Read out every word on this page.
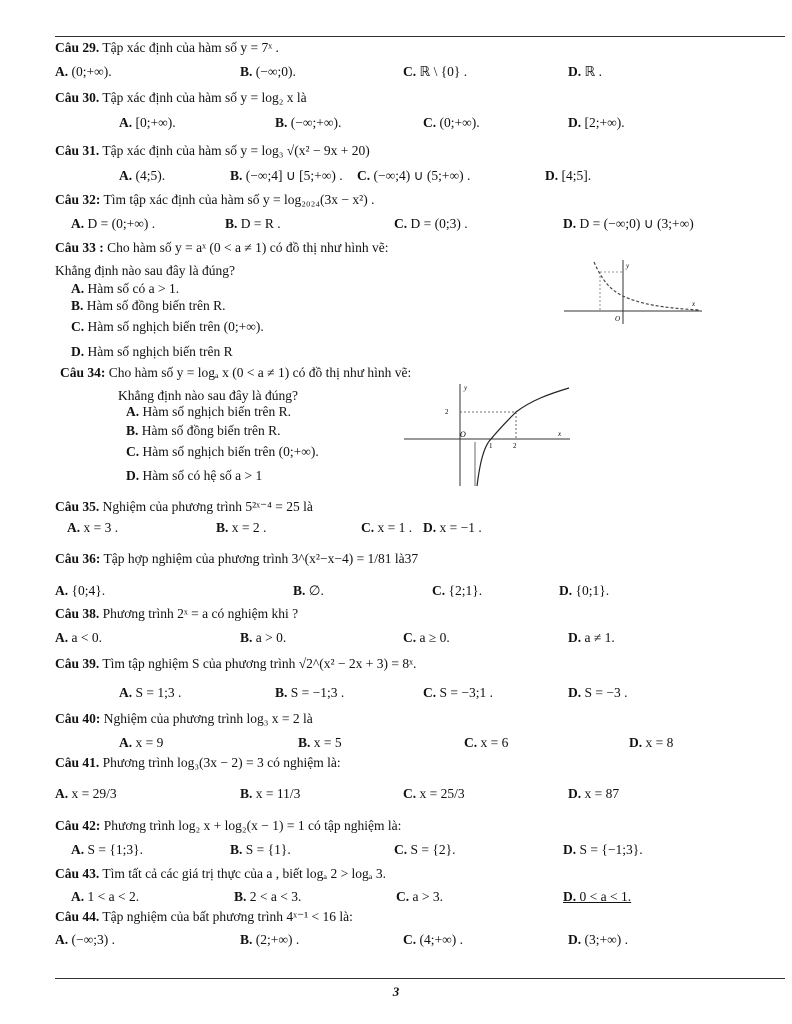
Câu 29. Tập xác định của hàm số y = 7ˣ .
A. (0;+∞).	B. (−∞;0).	C. ℝ \ {0} .	D. ℝ .
Câu 30. Tập xác định của hàm số y = log₂ x là
A. [0;+∞).	B. (−∞;+∞).	C. (0;+∞).	D. [2;+∞).
Câu 31. Tập xác định của hàm số y = log₃ √(x² − 9x + 20)
A. (4;5).	B. (−∞;4] ∪ [5;+∞) . C. (−∞;4) ∪ (5;+∞) .	D. [4;5].
Câu 32: Tìm tập xác định của hàm số y = log₂₀₂₄(3x − x²) .
A. D = (0;+∞) .	B. D = R .	C. D = (0;3) .	D. D = (−∞;0) ∪ (3;+∞)
Câu 33 : Cho hàm số y = aˣ (0 < a ≠ 1) có đồ thị như hình vẽ:
Khẳng định nào sau đây là đúng?
A. Hàm số có a > 1.
B. Hàm số đồng biến trên R.
C. Hàm số nghịch biến trên (0;+∞).
D. Hàm số nghịch biến trên R
y
x
O
Câu 34: Cho hàm số y = logₐ x (0 < a ≠ 1) có đồ thị như hình vẽ:
Khẳng định nào sau đây là đúng?
A. Hàm số nghịch biến trên R.
B. Hàm số đồng biến trên R.
C. Hàm số nghịch biến trên (0;+∞).
D. Hàm số có hệ số a > 1
y
x
O
2
1	2
Câu 35. Nghiệm của phương trình 5²ˣ⁻⁴ = 25 là
A. x = 3 .	B. x = 2 .	C. x = 1 . D. x = −1 .
Câu 36: Tập hợp nghiệm của phương trình 3^(x²−x−4) = 1/81 là37
A. {0;4}.	B. ∅.	C. {2;1}.	D. {0;1}.
Câu 38. Phương trình 2ˣ = a có nghiệm khi ?
A. a < 0.	B. a > 0.	C. a ≥ 0.	D. a ≠ 1.
Câu 39. Tìm tập nghiệm S của phương trình √2^(x² − 2x + 3) = 8ˣ.
A. S = 1;3 .	B. S = −1;3 .	C. S = −3;1 .	D. S = −3 .
Câu 40: Nghiệm của phương trình log₃ x = 2 là
A. x = 9	B. x = 5	C. x = 6	D. x = 8
Câu 41. Phương trình log₃(3x − 2) = 3 có nghiệm là:
A. x = 29/3	B. x = 11/3	C. x = 25/3	D. x = 87
Câu 42: Phương trình log₂ x + log₂(x − 1) = 1 có tập nghiệm là:
A. S = {1;3}.	B. S = {1}.	C. S = {2}.	D. S = {−1;3}.
Câu 43. Tìm tất cả các giá trị thực của a , biết logₐ 2 > logₐ 3.
A. 1 < a < 2.	B. 2 < a < 3.	C. a > 3.	D. 0 < a < 1.
Câu 44. Tập nghiệm của bất phương trình 4ˣ⁻¹ < 16 là:
A. (−∞;3) .	B. (2;+∞) .	C. (4;+∞) .	D. (3;+∞) .
3
